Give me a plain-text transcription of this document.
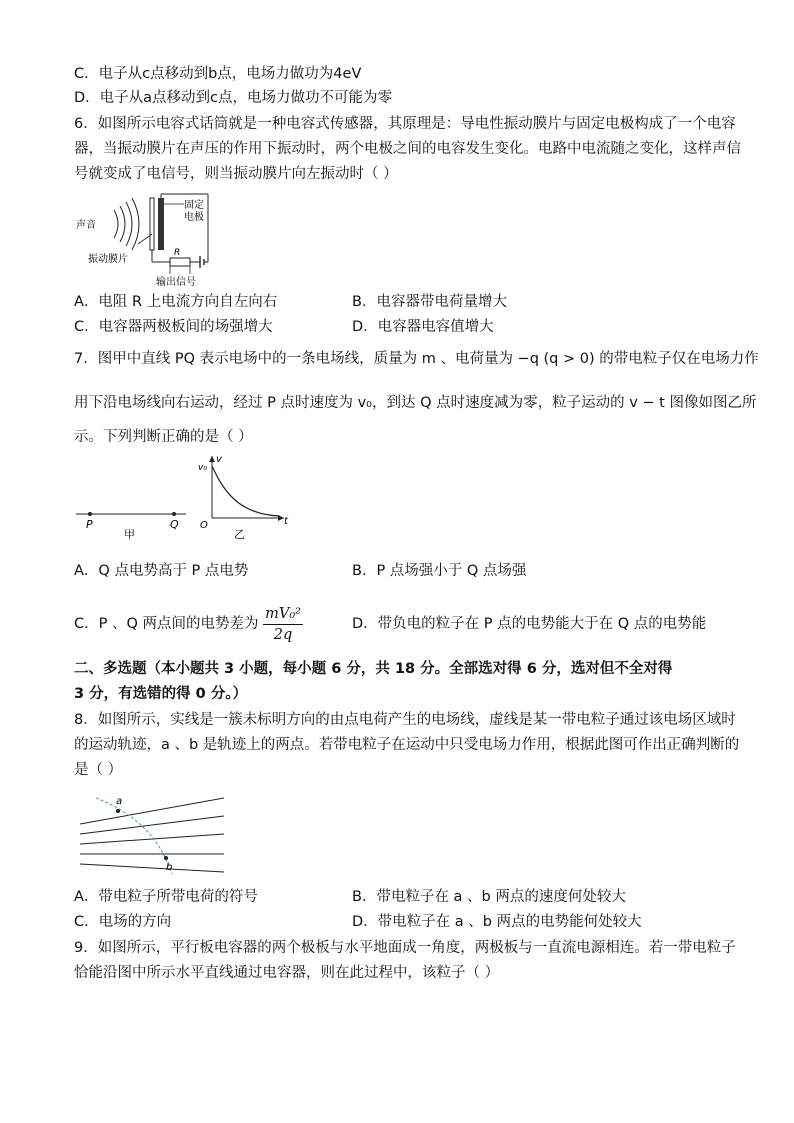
C．电子从c点移动到b点，电场力做功为4eV
D．电子从a点移动到c点，电场力做功不可能为零
6．如图所示电容式话筒就是一种电容式传感器，其原理是：导电性振动膜片与固定电极构成了一个电容
器，当振动膜片在声压的作用下振动时，两个电极之间的电容发生变化。电路中电流随之变化，这样声信
号就变成了电信号，则当振动膜片向左振动时（ ）
声音
固定
电极
R
振动膜片
输出信号
A．电阻 R 上电流方向自左向右	B．电容器带电荷量增大
C．电容器两极板间的场强增大	D．电容器电容值增大
7．图甲中直线 PQ 表示电场中的一条电场线，质量为 m 、电荷量为 −q (q > 0) 的带电粒子仅在电场力作
用下沿电场线向右运动，经过 P 点时速度为 v₀，到达 Q 点时速度减为零，粒子运动的 v − t 图像如图乙所
示。下列判断正确的是（ ）
P	Q
甲
v
v₀
t
O
乙
A．Q 点电势高于 P 点电势	B．P 点场强小于 Q 点场强
C．P 、Q 两点间的电势差为 $\frac{\text{mV₀²}}{2q}$	D．带负电的粒子在 P 点的电势能大于在 Q 点的电势能
二、多选题（本小题共 3 小题，每小题 6 分，共 18 分。全部选对得 6 分，选对但不全对得
3 分，有选错的得 0 分。）
8．如图所示，实线是一簇未标明方向的由点电荷产生的电场线，虚线是某一带电粒子通过该电场区域时
的运动轨迹，a 、b 是轨迹上的两点。若带电粒子在运动中只受电场力作用，根据此图可作出正确判断的
是（ ）
a
b
A．带电粒子所带电荷的符号	B．带电粒子在 a 、b 两点的速度何处较大
C．电场的方向	D．带电粒子在 a 、b 两点的电势能何处较大
9．如图所示，平行板电容器的两个极板与水平地面成一角度，两极板与一直流电源相连。若一带电粒子
恰能沿图中所示水平直线通过电容器，则在此过程中，该粒子（ ）
